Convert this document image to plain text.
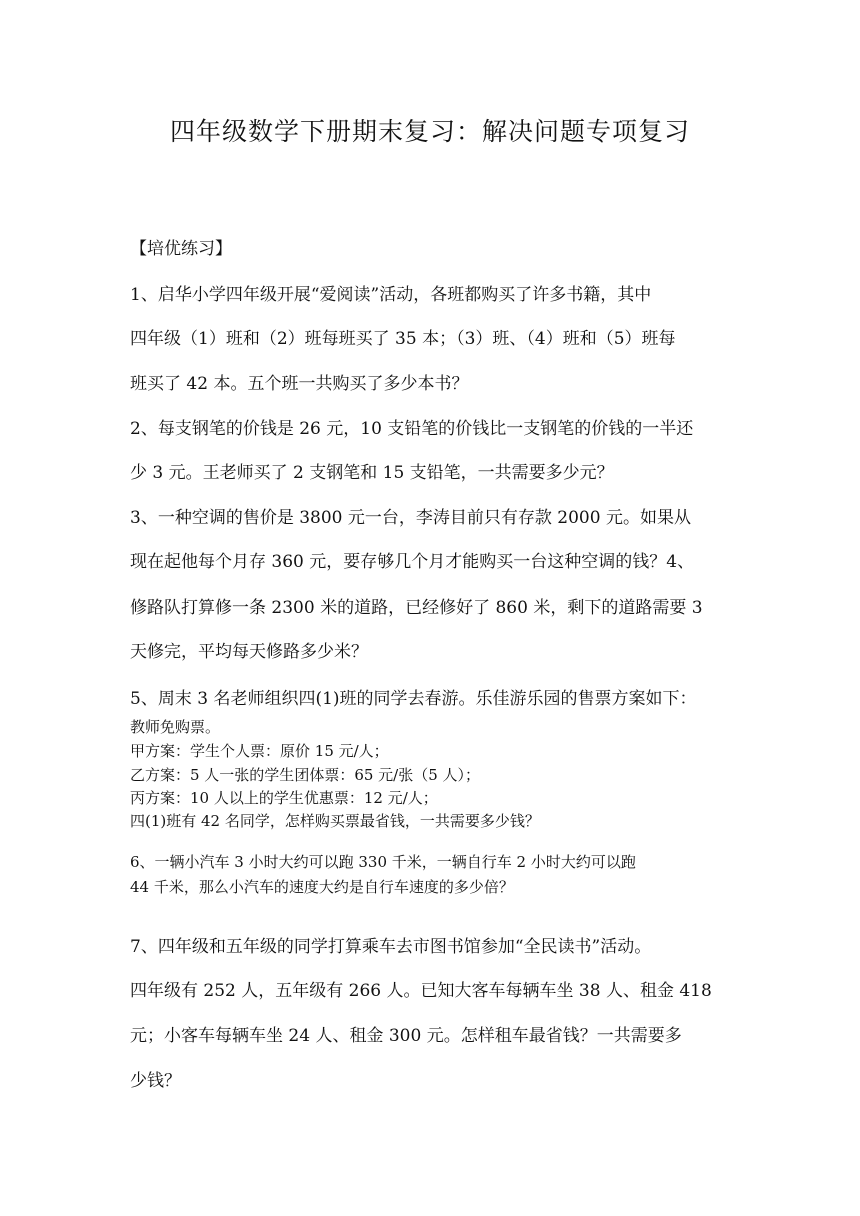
四年级数学下册期末复习：解决问题专项复习
【培优练习】
1、启华小学四年级开展“爱阅读”活动，各班都购买了许多书籍，其中
四年级（1）班和（2）班每班买了 35 本；（3）班、（4）班和（5）班每
班买了 42 本。五个班一共购买了多少本书？
2、每支钢笔的价钱是 26 元，10 支铅笔的价钱比一支钢笔的价钱的一半还
少 3 元。王老师买了 2 支钢笔和 15 支铅笔，一共需要多少元？
3、一种空调的售价是 3800 元一台，李涛目前只有存款 2000 元。如果从
现在起他每个月存 360 元，要存够几个月才能购买一台这种空调的钱？4、
修路队打算修一条 2300 米的道路，已经修好了 860 米，剩下的道路需要 3
天修完，平均每天修路多少米？
5、周末 3 名老师组织四(1)班的同学去春游。乐佳游乐园的售票方案如下：
教师免购票。
甲方案：学生个人票：原价 15 元/人；
乙方案：5 人一张的学生团体票：65 元/张（5 人）；
丙方案：10 人以上的学生优惠票：12 元/人；
四(1)班有 42 名同学，怎样购买票最省钱，一共需要多少钱？
6、一辆小汽车 3 小时大约可以跑 330 千米，一辆自行车 2 小时大约可以跑
44 千米，那么小汽车的速度大约是自行车速度的多少倍？
7、四年级和五年级的同学打算乘车去市图书馆参加“全民读书”活动。
四年级有 252 人，五年级有 266 人。已知大客车每辆车坐 38 人、租金 418
元；小客车每辆车坐 24 人、租金 300 元。怎样租车最省钱？一共需要多
少钱？
